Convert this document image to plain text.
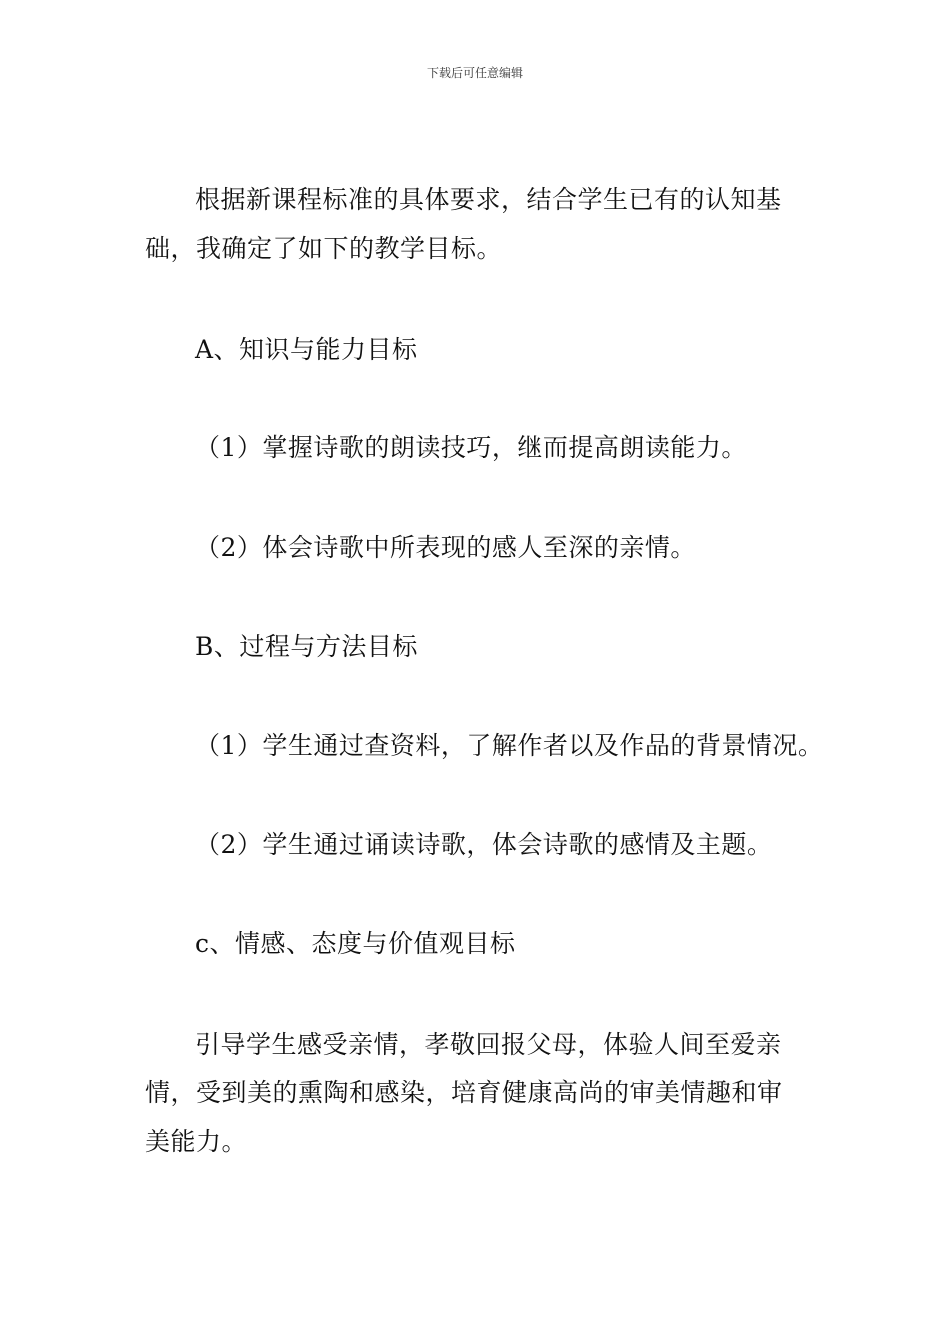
下载后可任意编辑
根据新课程标准的具体要求，结合学生已有的认知基
础，我确定了如下的教学目标。
A、知识与能力目标
（1）掌握诗歌的朗读技巧，继而提高朗读能力。
（2）体会诗歌中所表现的感人至深的亲情。
B、过程与方法目标
（1）学生通过查资料，了解作者以及作品的背景情况。
（2）学生通过诵读诗歌，体会诗歌的感情及主题。
c、情感、态度与价值观目标
引导学生感受亲情，孝敬回报父母，体验人间至爱亲
情，受到美的熏陶和感染，培育健康高尚的审美情趣和审
美能力。
